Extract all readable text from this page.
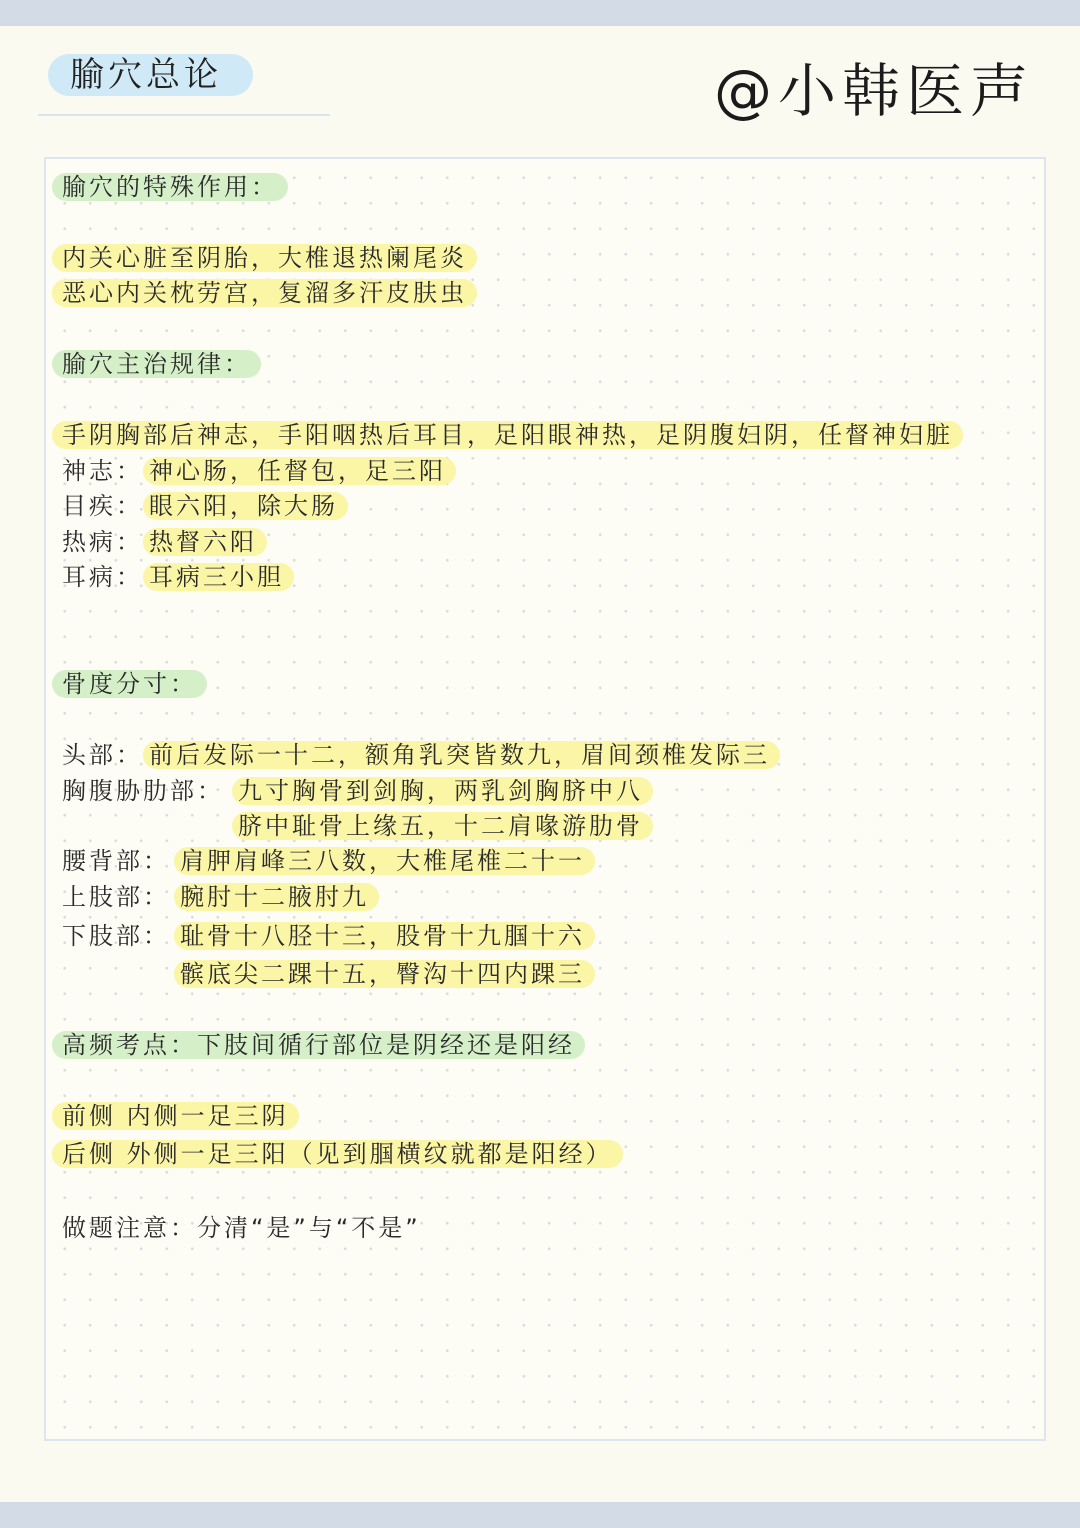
腧穴总论	@小韩医声
腧穴的特殊作用：
内关心脏至阴胎，大椎退热阑尾炎
恶心内关枕劳宫，复溜多汗皮肤虫
腧穴主治规律：
手阴胸部后神志，手阳咽热后耳目，足阳眼神热，足阴腹妇阴，任督神妇脏
神志： 神心肠，任督包，足三阳
目疾： 眼六阳，除大肠
热病： 热督六阳
耳病： 耳病三小胆
骨度分寸：
头部： 前后发际一十二，额角乳突皆数九，眉间颈椎发际三
胸腹胁肋部： 九寸胸骨到剑胸，两乳剑胸脐中八
脐中耻骨上缘五，十二肩喙游肋骨
腰背部： 肩胛肩峰三八数，大椎尾椎二十一
上肢部： 腕肘十二腋肘九
下肢部： 耻骨十八胫十三，股骨十九腘十六
髌底尖二踝十五，臀沟十四内踝三
高频考点：下肢间循行部位是阴经还是阳经
前侧 内侧一足三阴
后侧 外侧一足三阳（见到腘横纹就都是阳经）
做题注意：分清“是”与“不是”
